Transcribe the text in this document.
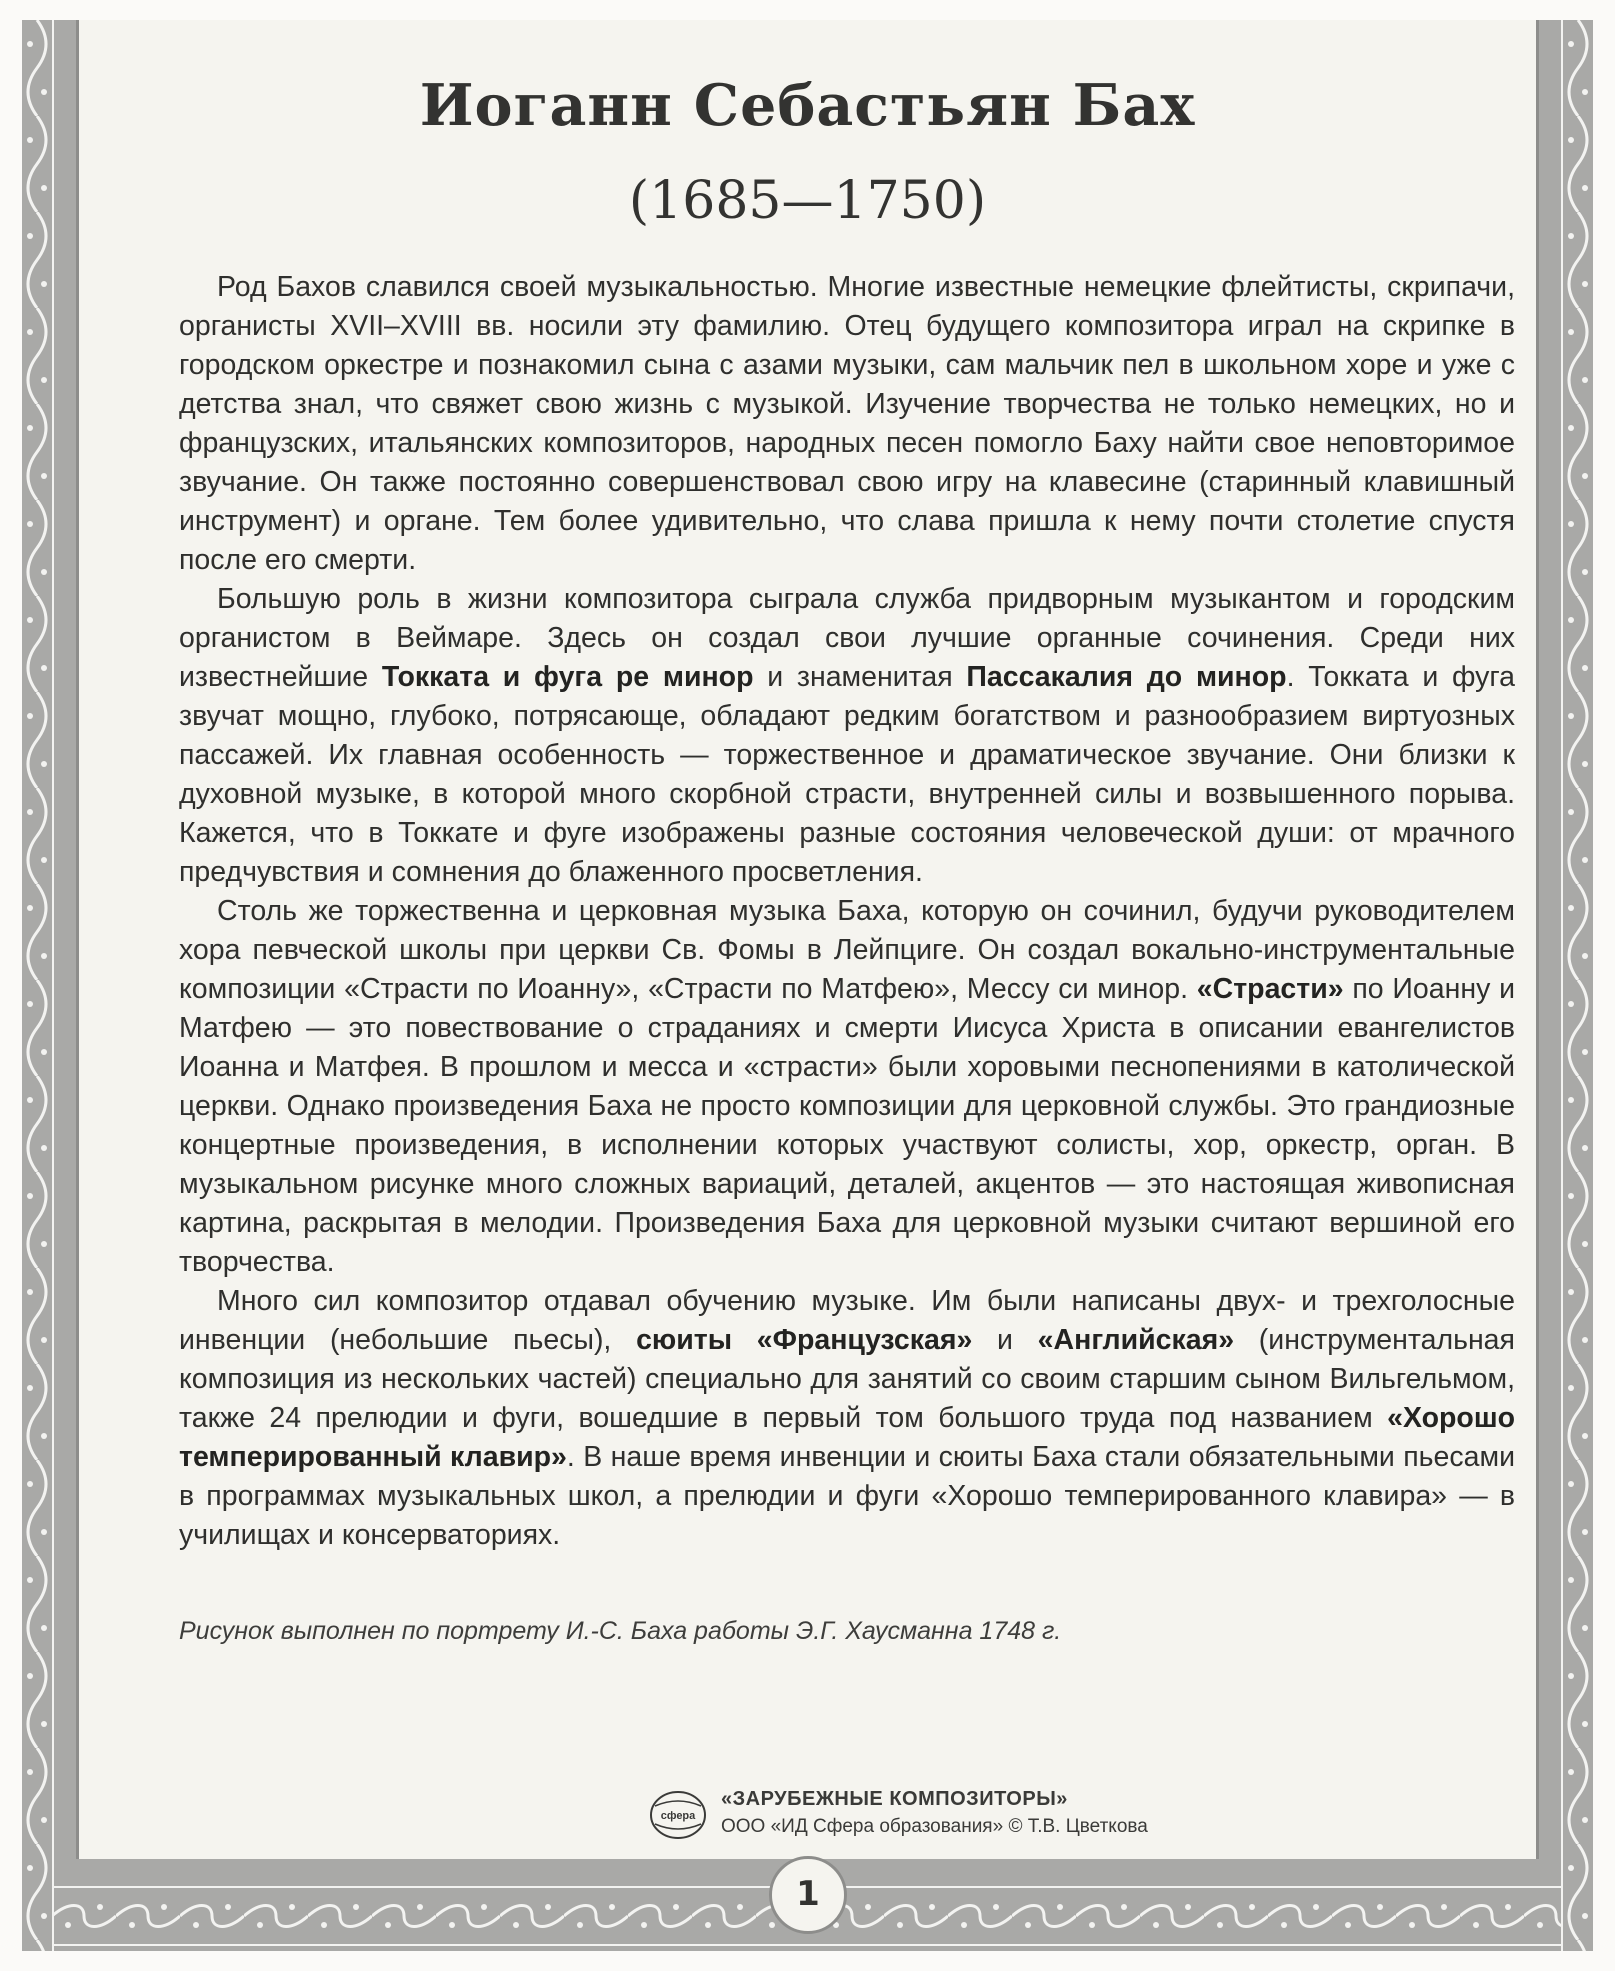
Иоганн Себастьян Бах

(1685—1750)

Род Бахов славился своей музыкальностью. Многие известные немецкие флейтисты, скрипачи, органисты XVII–XVIII вв. носили эту фамилию. Отец будущего композитора играл на скрипке в городском оркестре и познакомил сына с азами музыки, сам мальчик пел в школьном хоре и уже с детства знал, что свяжет свою жизнь с музыкой. Изучение творчества не только немецких, но и французских, итальянских композиторов, народных песен помогло Баху найти свое неповторимое звучание. Он также постоянно совершенствовал свою игру на клавесине (старинный клавишный инструмент) и органе. Тем более удивительно, что слава пришла к нему почти столетие спустя после его смерти.

Большую роль в жизни композитора сыграла служба придворным музыкантом и городским органистом в Веймаре. Здесь он создал свои лучшие органные сочинения. Среди них известнейшие Токката и фуга ре минор и знаменитая Пассакалия до минор. Токката и фуга звучат мощно, глубоко, потрясающе, обладают редким богатством и разнообразием виртуозных пассажей. Их главная особенность — торжественное и драматическое звучание. Они близки к духовной музыке, в которой много скорбной страсти, внутренней силы и возвышенного порыва. Кажется, что в Токкате и фуге изображены разные состояния человеческой души: от мрачного предчувствия и сомнения до блаженного просветления.

Столь же торжественна и церковная музыка Баха, которую он сочинил, будучи руководителем хора певческой школы при церкви Св. Фомы в Лейпциге. Он создал вокально-инструментальные композиции «Страсти по Иоанну», «Страсти по Матфею», Мессу си минор. «Страсти» по Иоанну и Матфею — это повествование о страданиях и смерти Иисуса Христа в описании евангелистов Иоанна и Матфея. В прошлом и месса и «страсти» были хоровыми песнопениями в католической церкви. Однако произведения Баха не просто композиции для церковной службы. Это грандиозные концертные произведения, в исполнении которых участвуют солисты, хор, оркестр, орган. В музыкальном рисунке много сложных вариаций, деталей, акцентов — это настоящая живописная картина, раскрытая в мелодии. Произведения Баха для церковной музыки считают вершиной его творчества.

Много сил композитор отдавал обучению музыке. Им были написаны двух- и трехголосные инвенции (небольшие пьесы), сюиты «Французская» и «Английская» (инструментальная композиция из нескольких частей) специально для занятий со своим старшим сыном Вильгельмом, также 24 прелюдии и фуги, вошедшие в первый том большого труда под названием «Хорошо темперированный клавир». В наше время инвенции и сюиты Баха стали обязательными пьесами в программах музыкальных школ, а прелюдии и фуги «Хорошо темперированного клавира» — в училищах и консерваториях.

Рисунок выполнен по портрету И.-С. Баха работы Э.Г. Хаусманна 1748 г.

сфера

«ЗАРУБЕЖНЫЕ КОМПОЗИТОРЫ»

ООО «ИД Сфера образования» © Т.В. Цветкова

1
